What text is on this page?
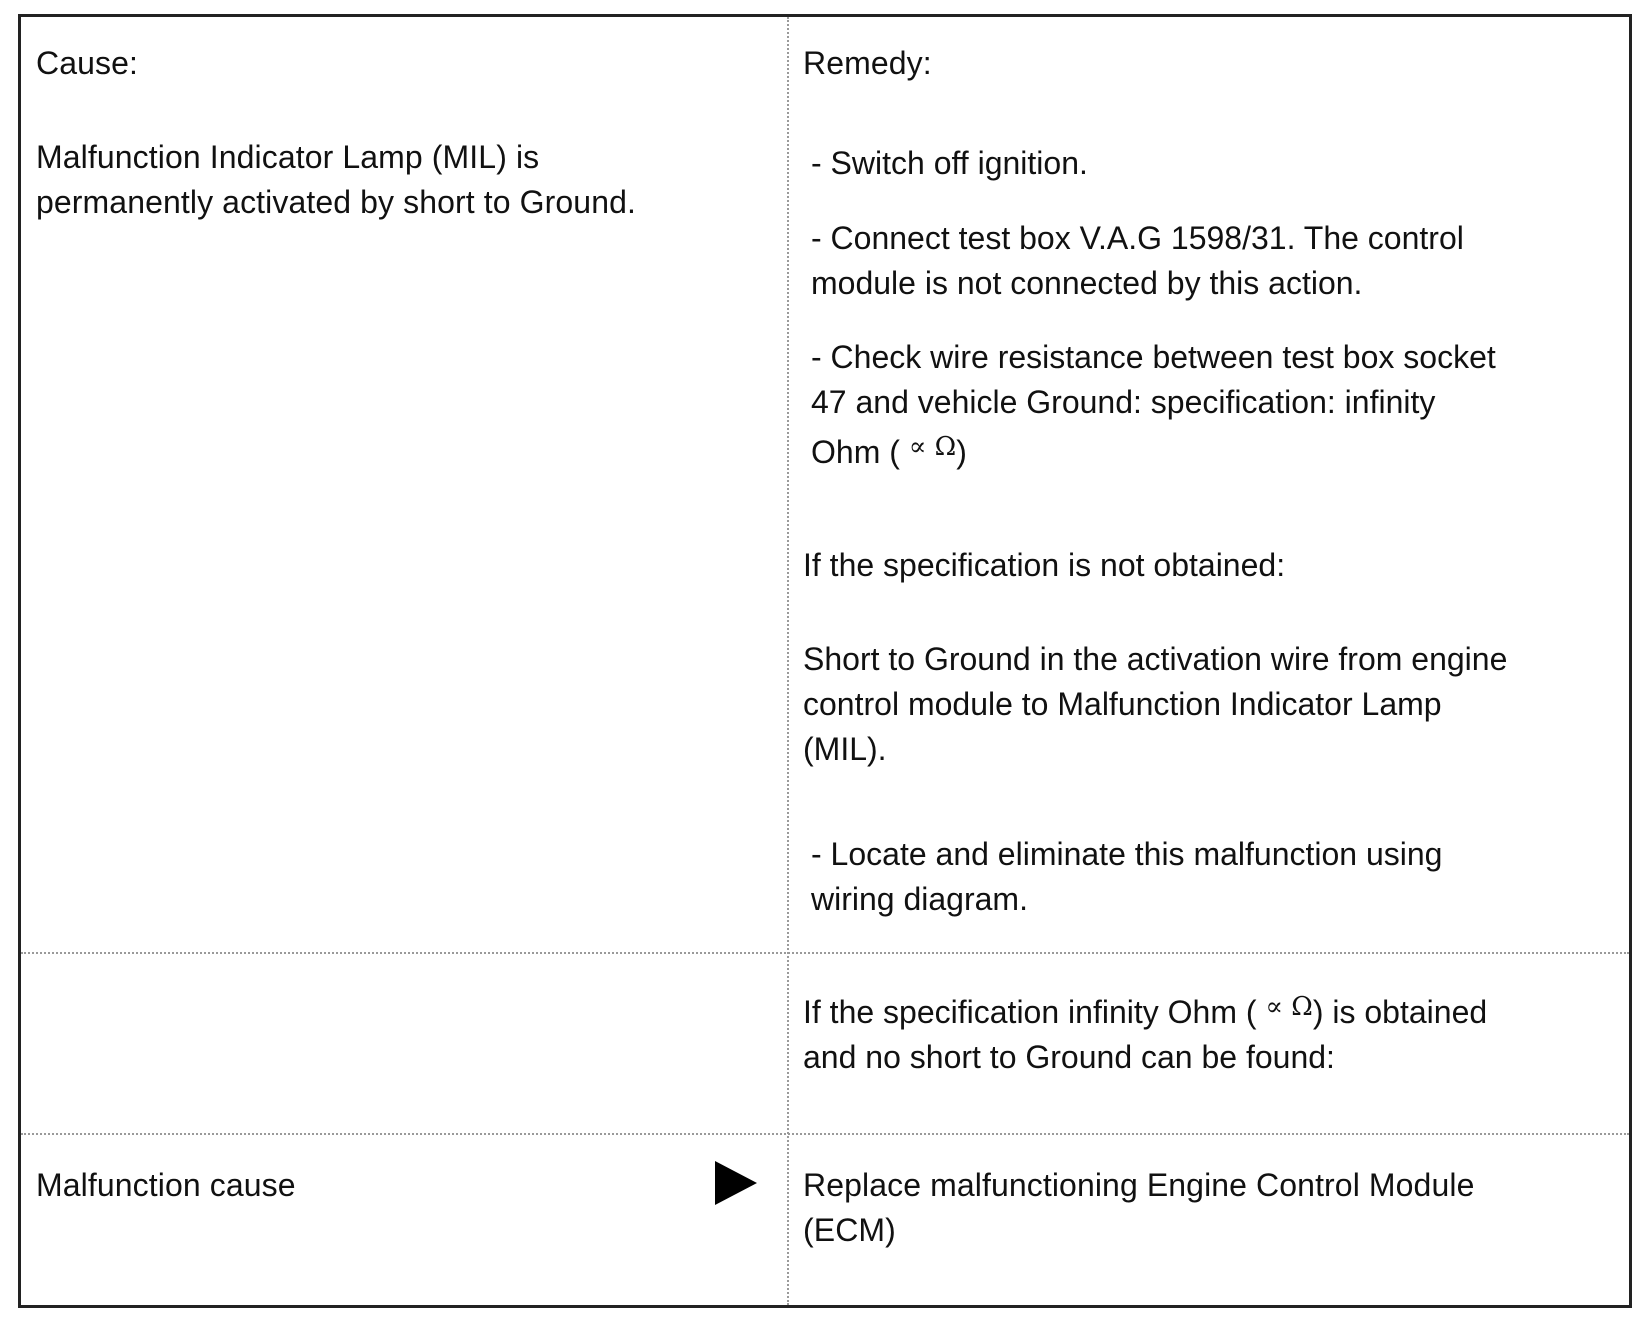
Cause:	Remedy:

Malfunction Indicator Lamp (MIL) is

permanently activated by short to Ground.

- Switch off ignition.

- Connect test box V.A.G 1598/31. The control

module is not connected by this action.

- Check wire resistance between test box socket

47 and vehicle Ground: specification: infinity

Ohm ( $^{\propto \Omega}$)

If the specification is not obtained:

Short to Ground in the activation wire from engine

control module to Malfunction Indicator Lamp

(MIL).

- Locate and eliminate this malfunction using

wiring diagram.

If the specification infinity Ohm ( $^{\propto \Omega}$) is obtained

and no short to Ground can be found:

Malfunction cause	Replace malfunctioning Engine Control Module

(ECM)
